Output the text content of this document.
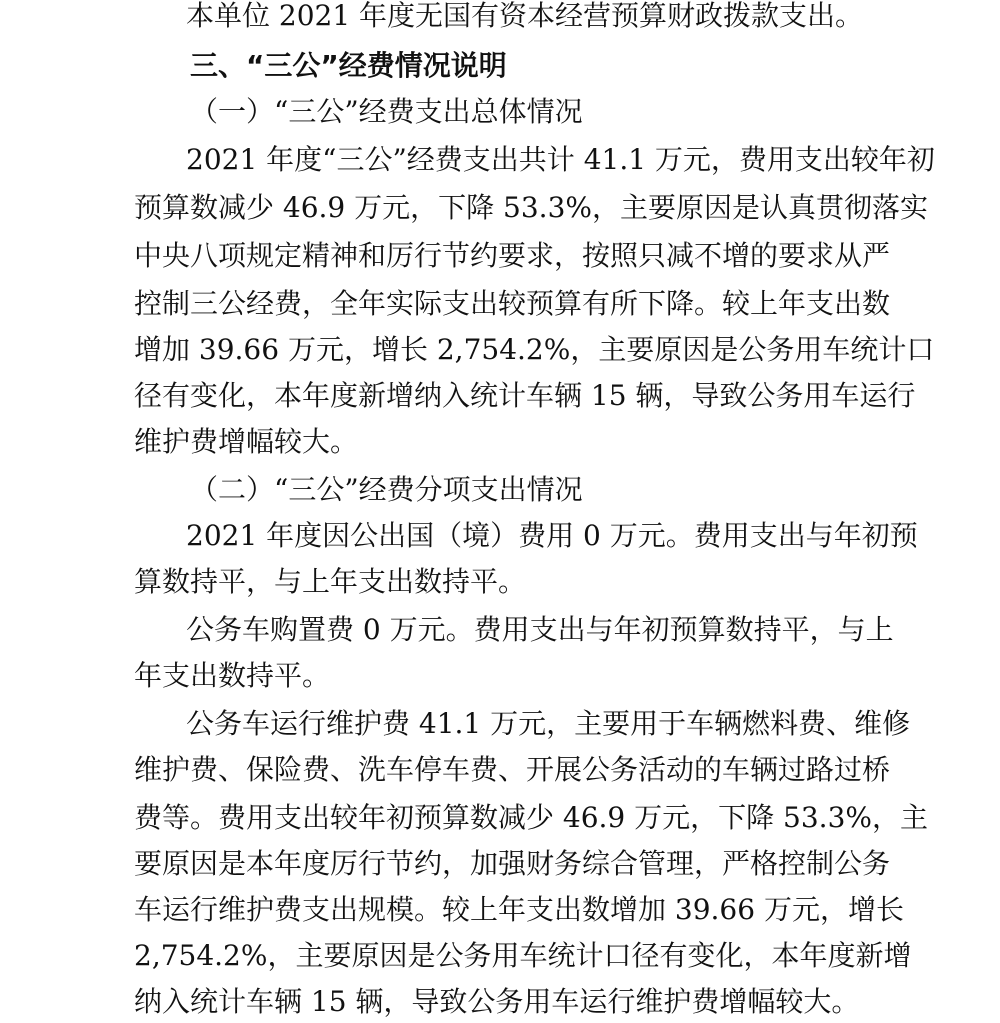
本单位 2021 年度无国有资本经营预算财政拨款支出。

三、“三公”经费情况说明

（一）“三公”经费支出总体情况

2021 年度“三公”经费支出共计 41.1 万元，费用支出较年初

预算数减少 46.9 万元，下降 53.3%，主要原因是认真贯彻落实

中央八项规定精神和厉行节约要求，按照只减不增的要求从严

控制三公经费，全年实际支出较预算有所下降。较上年支出数

增加 39.66 万元，增长 2,754.2%，主要原因是公务用车统计口

径有变化，本年度新增纳入统计车辆 15 辆，导致公务用车运行

维护费增幅较大。

（二）“三公”经费分项支出情况

2021 年度因公出国（境）费用 0 万元。费用支出与年初预

算数持平，与上年支出数持平。

公务车购置费 0 万元。费用支出与年初预算数持平，与上

年支出数持平。

公务车运行维护费 41.1 万元，主要用于车辆燃料费、维修

维护费、保险费、洗车停车费、开展公务活动的车辆过路过桥

费等。费用支出较年初预算数减少 46.9 万元，下降 53.3%，主

要原因是本年度厉行节约，加强财务综合管理，严格控制公务

车运行维护费支出规模。较上年支出数增加 39.66 万元，增长

2,754.2%，主要原因是公务用车统计口径有变化，本年度新增

纳入统计车辆 15 辆，导致公务用车运行维护费增幅较大。
